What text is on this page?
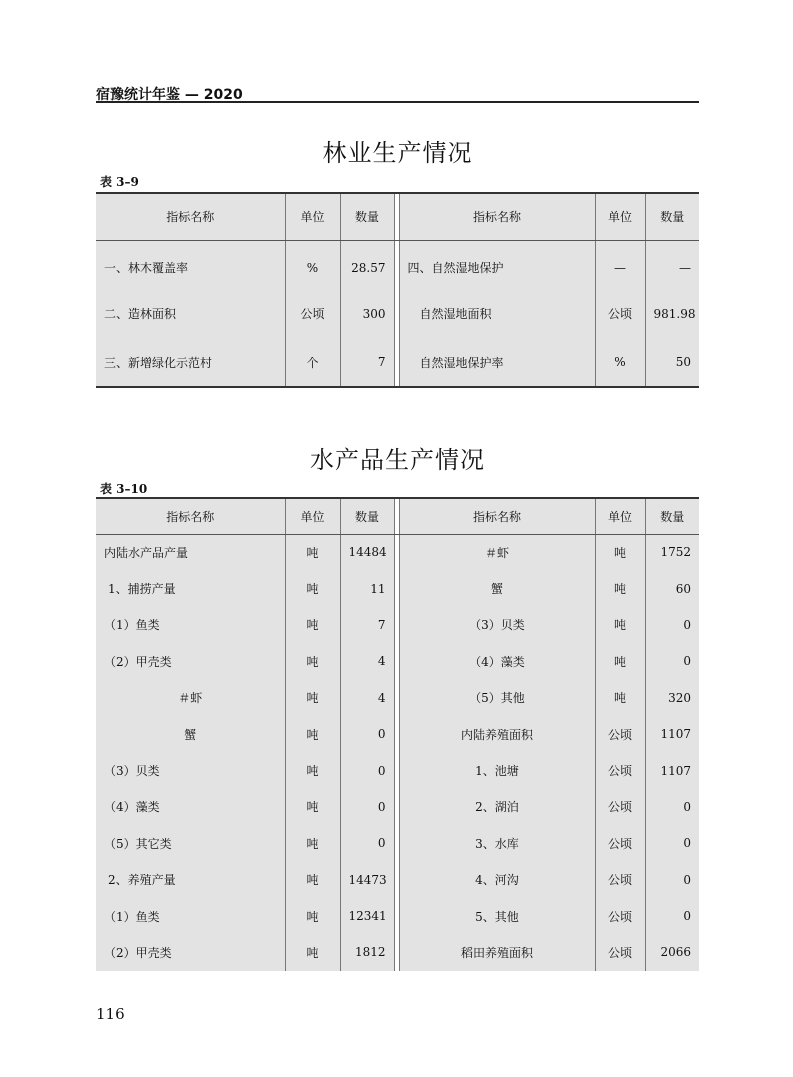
宿豫统计年鉴 — 2020
林业生产情况
表 3–9
指标名称	单位	数量		指标名称	单位	数量
一、林木覆盖率	%	28.57		四、自然湿地保护	—	—
二、造林面积	公顷	300		自然湿地面积	公顷	981.98
三、新增绿化示范村	个	7		自然湿地保护率	%	50
水产品生产情况
表 3–10
指标名称	单位	数量		指标名称	单位	数量
内陆水产品产量	吨	14484		＃虾	吨	1752
1、捕捞产量	吨	11		蟹	吨	60
（1）鱼类	吨	7		（3）贝类	吨	0
（2）甲壳类	吨	4		（4）藻类	吨	0
＃虾	吨	4		（5）其他	吨	320
蟹	吨	0		内陆养殖面积	公顷	1107
（3）贝类	吨	0		1、池塘	公顷	1107
（4）藻类	吨	0		2、湖泊	公顷	0
（5）其它类	吨	0		3、水库	公顷	0
2、养殖产量	吨	14473		4、河沟	公顷	0
（1）鱼类	吨	12341		5、其他	公顷	0
（2）甲壳类	吨	1812		稻田养殖面积	公顷	2066
116
